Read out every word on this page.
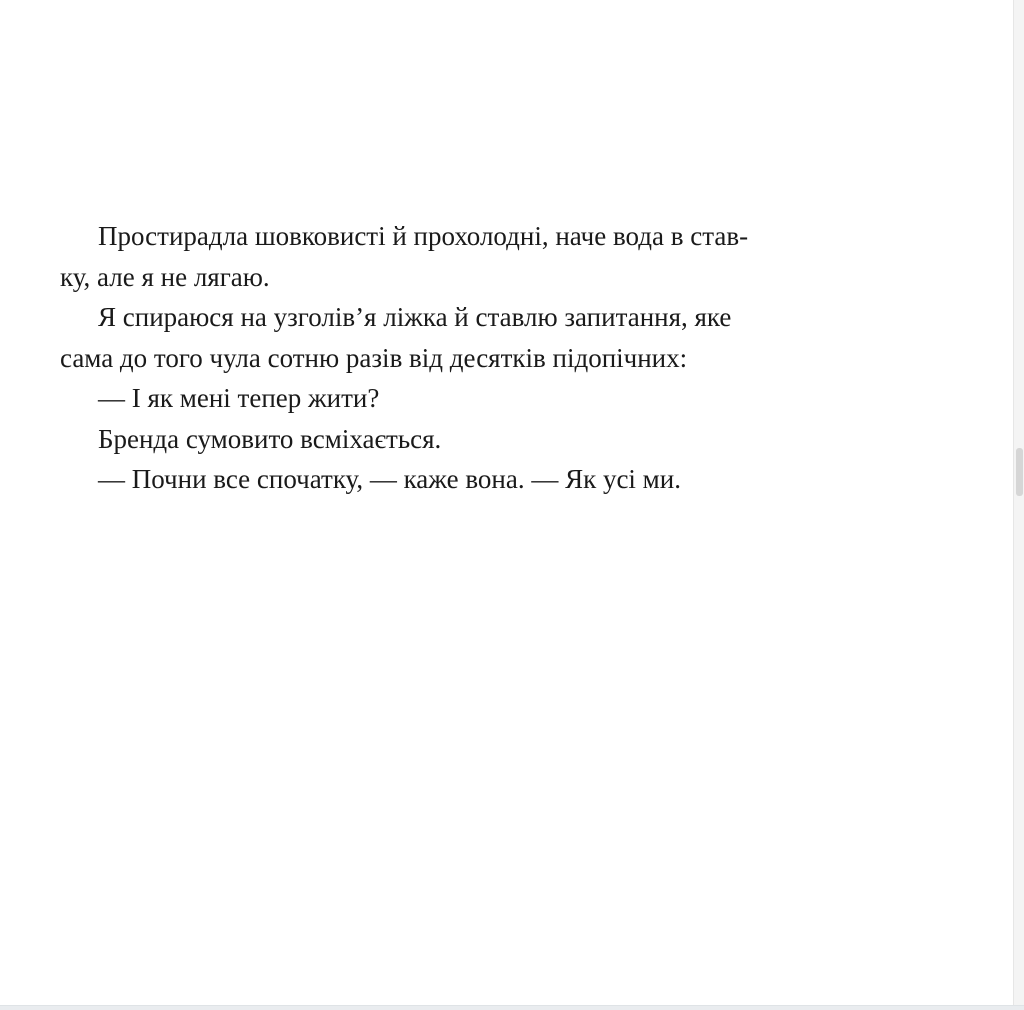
Простирадла шовковисті й прохолодні, наче вода в став-
ку, але я не лягаю.
Я спираюся на узголів’я ліжка й ставлю запитання, яке
сама до того чула сотню разів від десятків підопічних:
— І як мені тепер жити?
Бренда сумовито всміхається.
— Почни все спочатку, — каже вона. — Як усі ми.
